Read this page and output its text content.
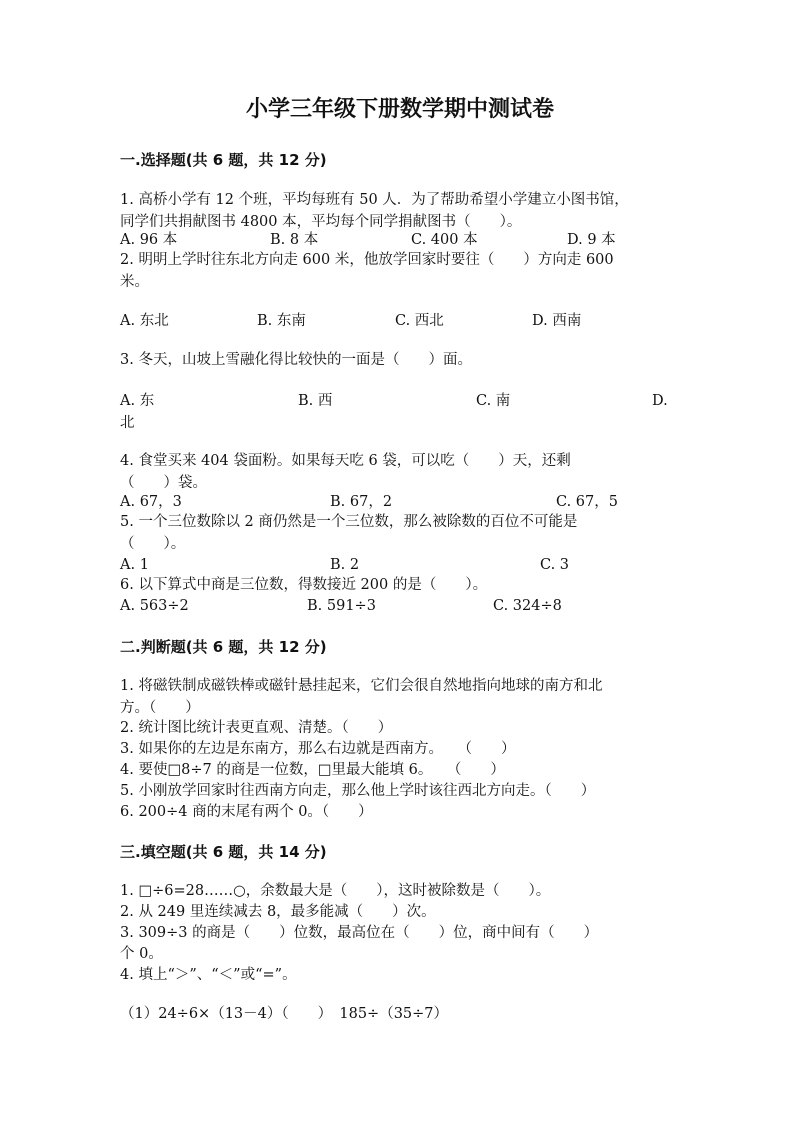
小学三年级下册数学期中测试卷
一.选择题(共 6 题，共 12 分)
1. 高桥小学有 12 个班，平均每班有 50 人．为了帮助希望小学建立小图书馆，
同学们共捐献图书 4800 本，平均每个同学捐献图书（　　）。
A. 96 本	B. 8 本	C. 400 本	D. 9 本
2. 明明上学时往东北方向走 600 米，他放学回家时要往（　　）方向走 600
米。
A. 东北	B. 东南	C. 西北	D. 西南
3. 冬天，山坡上雪融化得比较快的一面是（　　）面。
A. 东	B. 西	C. 南	D.
北
4. 食堂买来 404 袋面粉。如果每天吃 6 袋，可以吃（　　）天，还剩
（　　）袋。
A. 67，3	B. 67，2	C. 67，5
5. 一个三位数除以 2 商仍然是一个三位数，那么被除数的百位不可能是
（　　）。
A. 1	B. 2	C. 3
6. 以下算式中商是三位数，得数接近 200 的是（　　）。
A. 563÷2	B. 591÷3	C. 324÷8
二.判断题(共 6 题，共 12 分)
1. 将磁铁制成磁铁棒或磁针悬挂起来，它们会很自然地指向地球的南方和北
方。（　　）
2. 统计图比统计表更直观、清楚。（　　）
3. 如果你的左边是东南方，那么右边就是西南方。　　（　　）
4. 要使□8÷7 的商是一位数，□里最大能填 6。　　（　　）
5. 小刚放学回家时往西南方向走，那么他上学时该往西北方向走。（　　）
6. 200÷4 商的末尾有两个 0。（　　）
三.填空题(共 6 题，共 14 分)
1. □÷6=28……○，余数最大是（　　），这时被除数是（　　）。
2. 从 249 里连续减去 8，最多能减（　　）次。
3. 309÷3 的商是（　　）位数，最高位在（　　）位，商中间有（　　）
个 0。
4. 填上“＞”、“＜”或“=”。
（1）24÷6×（13－4）（　　）　185÷（35÷7）
